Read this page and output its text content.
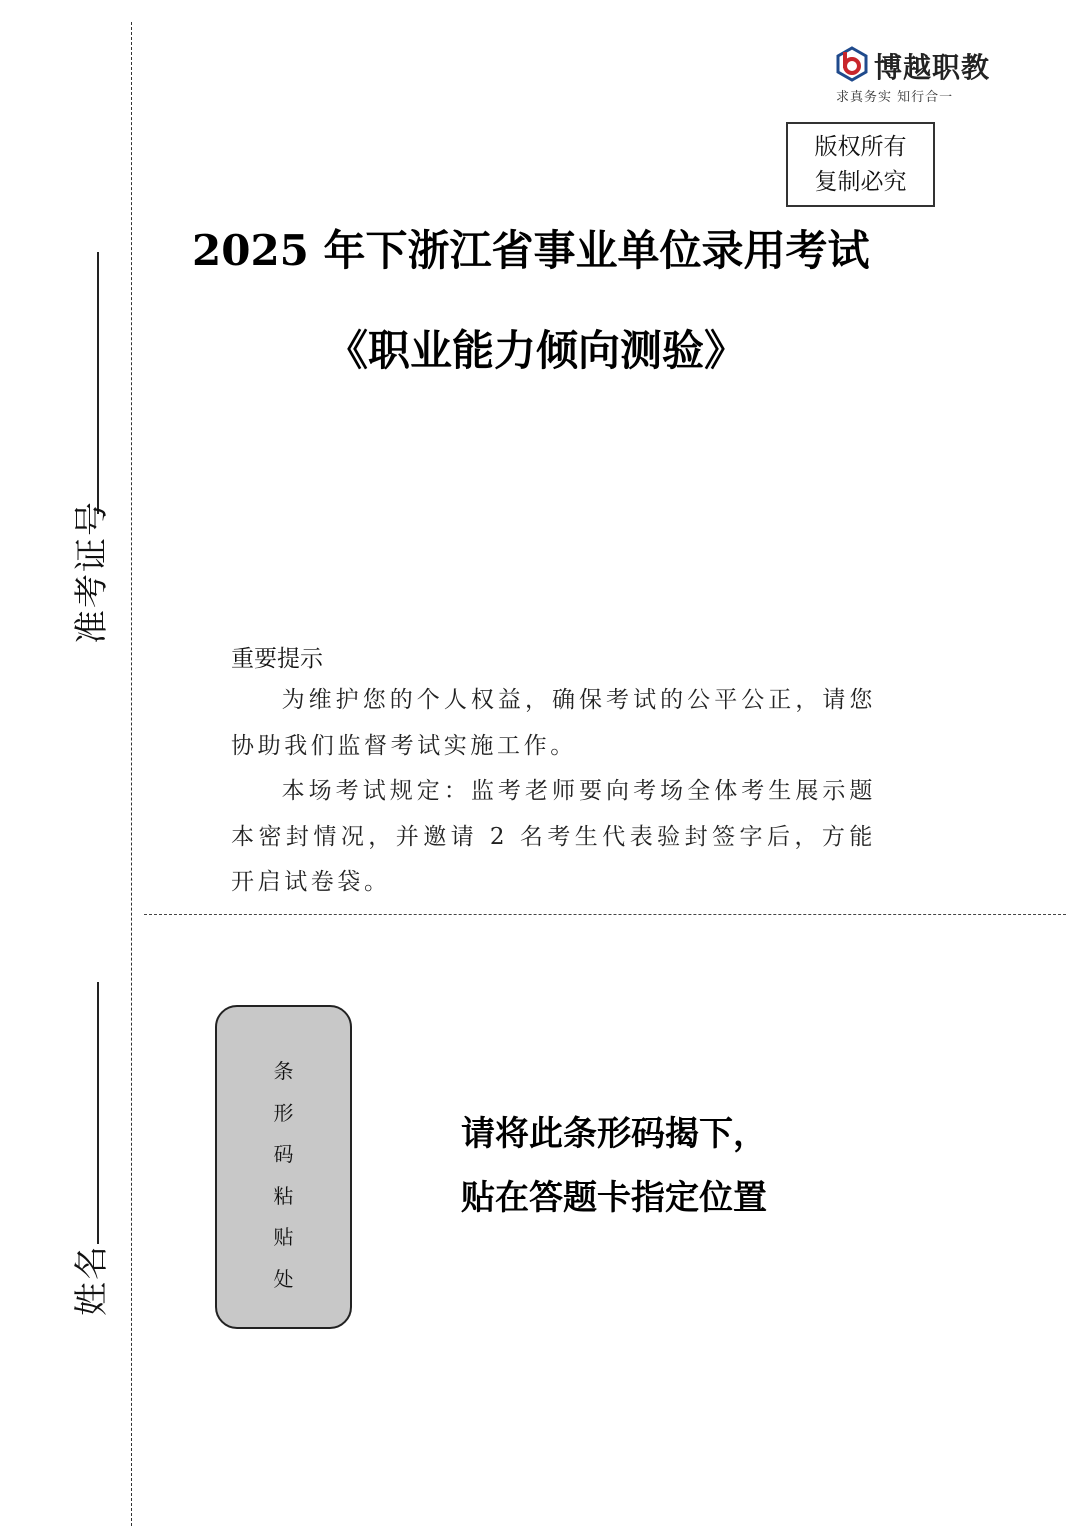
准考证号
姓名
博越职教
求真务实 知行合一
版权所有
复制必究
2025 年下浙江省事业单位录用考试
《职业能力倾向测验》
重要提示

为维护您的个人权益，确保考试的公平公正，请您协助我们监督考试实施工作。

本场考试规定：监考老师要向考场全体考生展示题本密封情况，并邀请 2 名考生代表验封签字后，方能开启试卷袋。

条
形
码
粘
贴
处
请将此条形码揭下，
贴在答题卡指定位置
